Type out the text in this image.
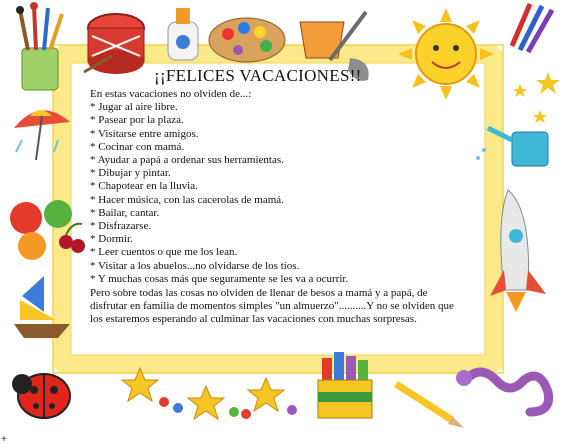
¡¡FELICES VACACIONES!!
En estas vacaciones no olviden de...:
* Jugar al aire libre.
* Pasear por la plaza.
* Visitarse entre amigos.
* Cocinar con mamá.
* Ayudar a papá a ordenar sus herramientas.
* Dibujar y pintar.
* Chapotear en la lluvia.
* Hacer música, con las cacerolas de mamá.
* Bailar, cantar.
* Disfrazarse.
* Dormir.
* Leer cuentos o que me los lean.
* Visitar a los abuelos...no olvidarse de los tíos.
* Y muchas cosas más que seguramente se les va a ocurrir.
Pero sobre todas las cosas no olviden de llenar de besos a mamá y a papá, de disfrutar en familia de momentos simples "un almuerzo"..........Y no se olviden que los estaremos esperando al culminar las vacaciones con muchas sorpresas.
+
